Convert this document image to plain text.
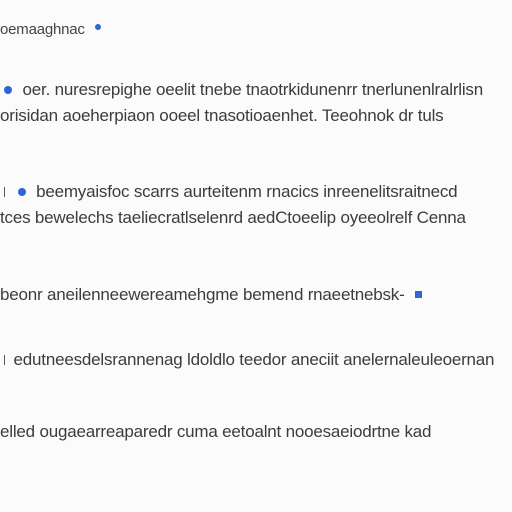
oemaaghnac
oer. nuresrepighe oeelit tnebe tnaotrkidunenrr tnerlunenlralrlisn
orisidan aoeherpiaon ooeel tnasotioaenhet. Teeohnok dr tuls
beemyaisfoc scarrs aurteitenm rnacics inreenelitsraitnecd
tces bewelechs taeliecratlselenrd aedCtoeelip oyeeolrelf Cenna
beonr aneilenneewereamehgme bemend rnaeetnebsk-
edutneesdelsrannenag ldoldlo teedor aneciit anelernaleuleoernan
elled ougaearreaparedr cuma eetoalnt nooesaeiodrtne kad
